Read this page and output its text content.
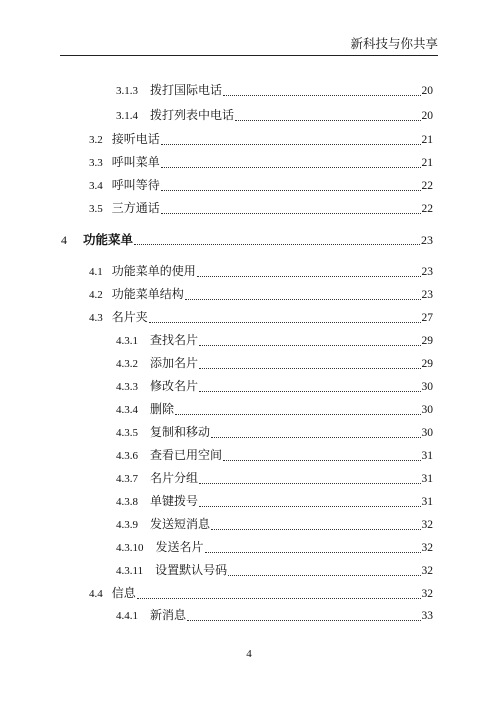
新科技与你共享
3.1.3 拨打国际电话	20
3.1.4 拨打列表中电话	20
3.2 接听电话	21
3.3 呼叫菜单	21
3.4 呼叫等待	22
3.5 三方通话	22
4 功能菜单	23
4.1 功能菜单的使用	23
4.2 功能菜单结构	23
4.3 名片夹	27
4.3.1 查找名片	29
4.3.2 添加名片	29
4.3.3 修改名片	30
4.3.4 删除	30
4.3.5 复制和移动	30
4.3.6 查看已用空间	31
4.3.7 名片分组	31
4.3.8 单键拨号	31
4.3.9 发送短消息	32
4.3.10 发送名片	32
4.3.11 设置默认号码	32
4.4 信息	32
4.4.1 新消息	33
4
